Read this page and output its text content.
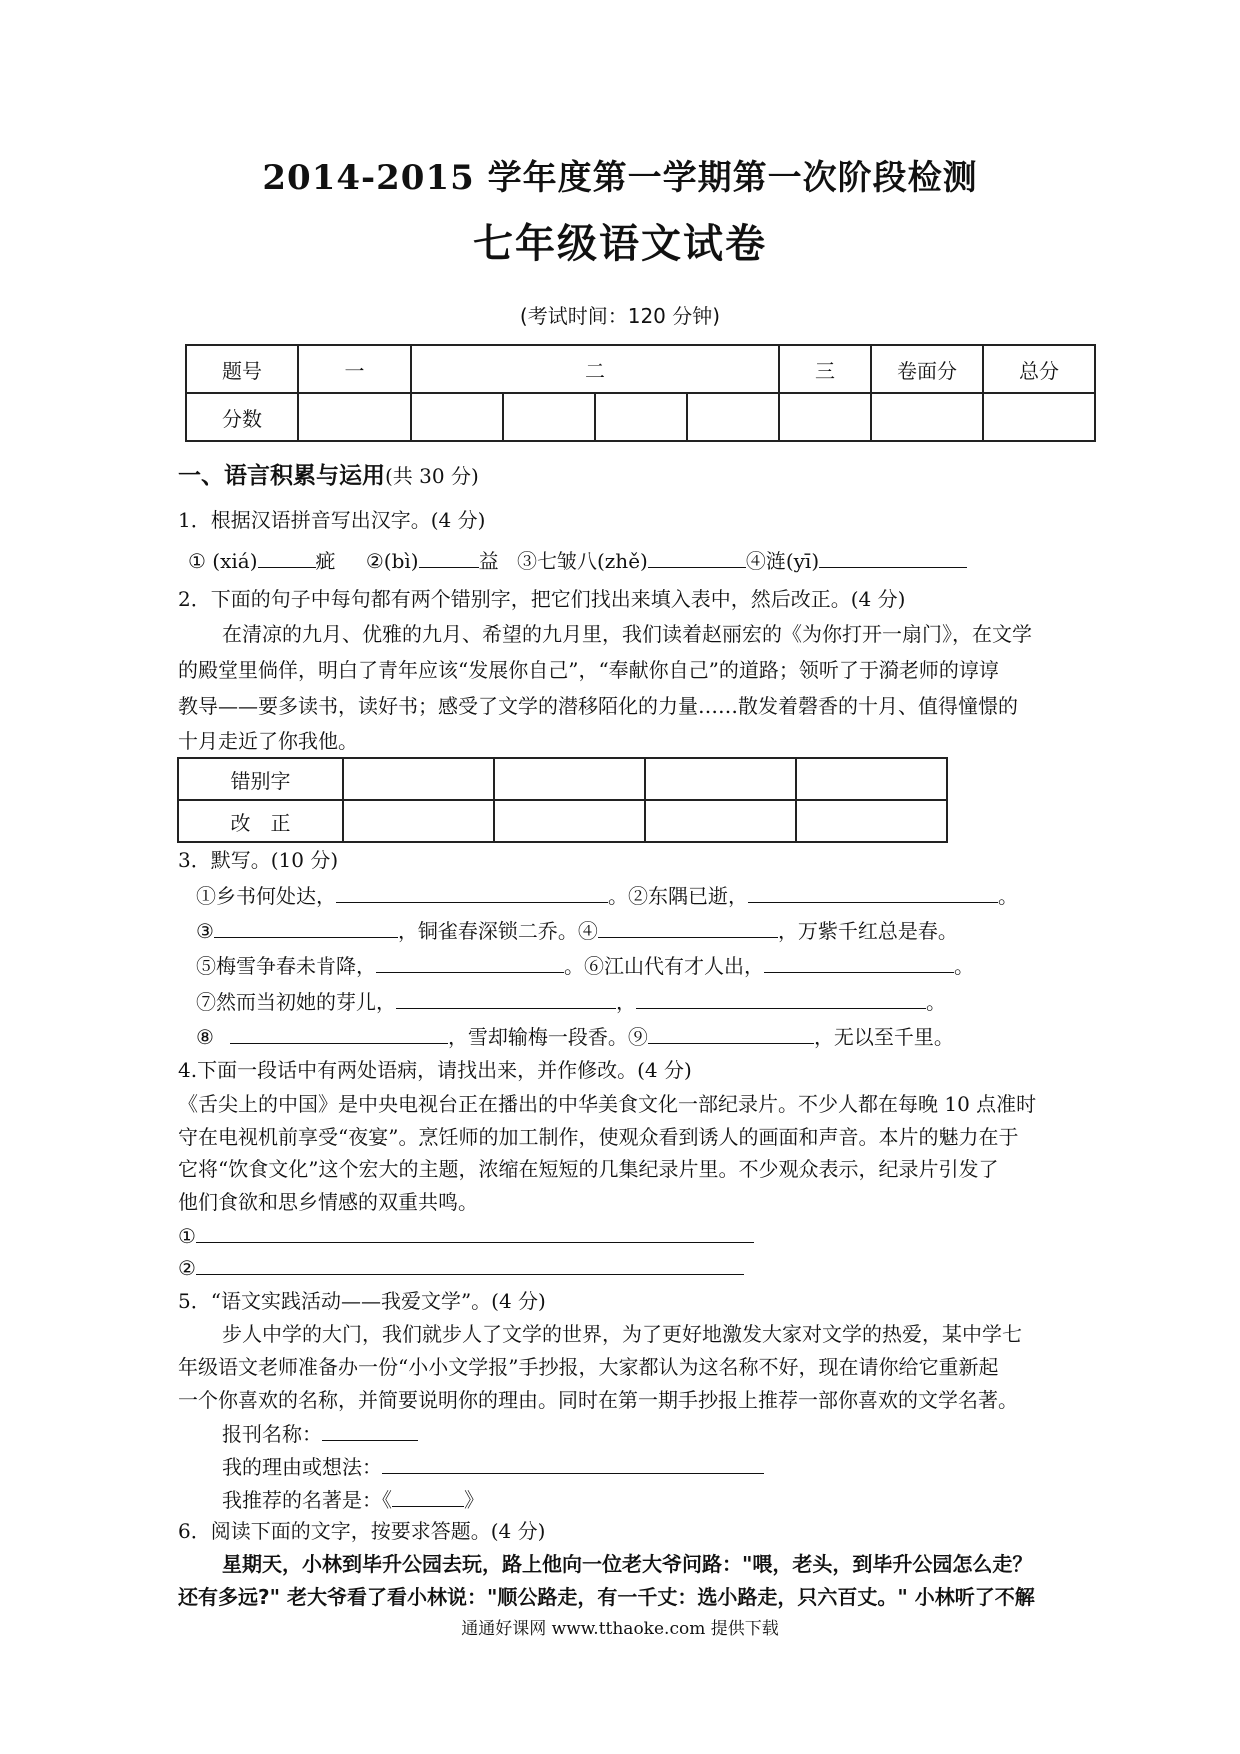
2014-2015 学年度第一学期第一次阶段检测
七年级语文试卷
(考试时间：120 分钟)
题号	一	二				三	卷面分	总分
分数								
一、语言积累与运用(共 30 分)
1．根据汉语拼音写出汉字。(4 分)
① (xiá)	疵 ②(bì)	益 ③七皱八(zhě)	④涟(yī)
2．下面的句子中每句都有两个错别字，把它们找出来填入表中，然后改正。(4 分)
在清凉的九月、优雅的九月、希望的九月里，我们读着赵丽宏的《为你打开一扇门》，在文学
的殿堂里倘佯，明白了青年应该“发展你自己”，“奉献你自己”的道路；领听了于漪老师的谆谆
教导——要多读书，读好书；感受了文学的潜移陌化的力量……散发着磬香的十月、值得憧憬的
十月走近了你我他。
错别字				
改　正				
3．默写。(10 分)
①乡书何处达，	。②东隅已逝，	。
③	，铜雀春深锁二乔。④	，万紫千红总是春。
⑤梅雪争春未肯降，	。⑥江山代有才人出，	。
⑦然而当初她的芽儿，	，	。
⑧	，雪却输梅一段香。⑨	，无以至千里。
4.下面一段话中有两处语病，请找出来，并作修改。(4 分)
《舌尖上的中国》是中央电视台正在播出的中华美食文化一部纪录片。不少人都在每晚 10 点准时
守在电视机前享受“夜宴”。烹饪师的加工制作，使观众看到诱人的画面和声音。本片的魅力在于
它将“饮食文化”这个宏大的主题，浓缩在短短的几集纪录片里。不少观众表示，纪录片引发了
他们食欲和思乡情感的双重共鸣。
①
②
5．“语文实践活动——我爱文学”。(4 分)
步人中学的大门，我们就步人了文学的世界，为了更好地激发大家对文学的热爱，某中学七
年级语文老师准备办一份“小小文学报”手抄报，大家都认为这名称不好，现在请你给它重新起
一个你喜欢的名称，并简要说明你的理由。同时在第一期手抄报上推荐一部你喜欢的文学名著。
报刊名称：
我的理由或想法：
我推荐的名著是：《	》
6．阅读下面的文字，按要求答题。(4 分)
星期天，小林到毕升公园去玩，路上他向一位老大爷问路："喂，老头，到毕升公园怎么走？
还有多远?" 老大爷看了看小林说："顺公路走，有一千丈：选小路走，只六百丈。" 小林听了不解
通通好课网 www.tthaoke.com 提供下载
